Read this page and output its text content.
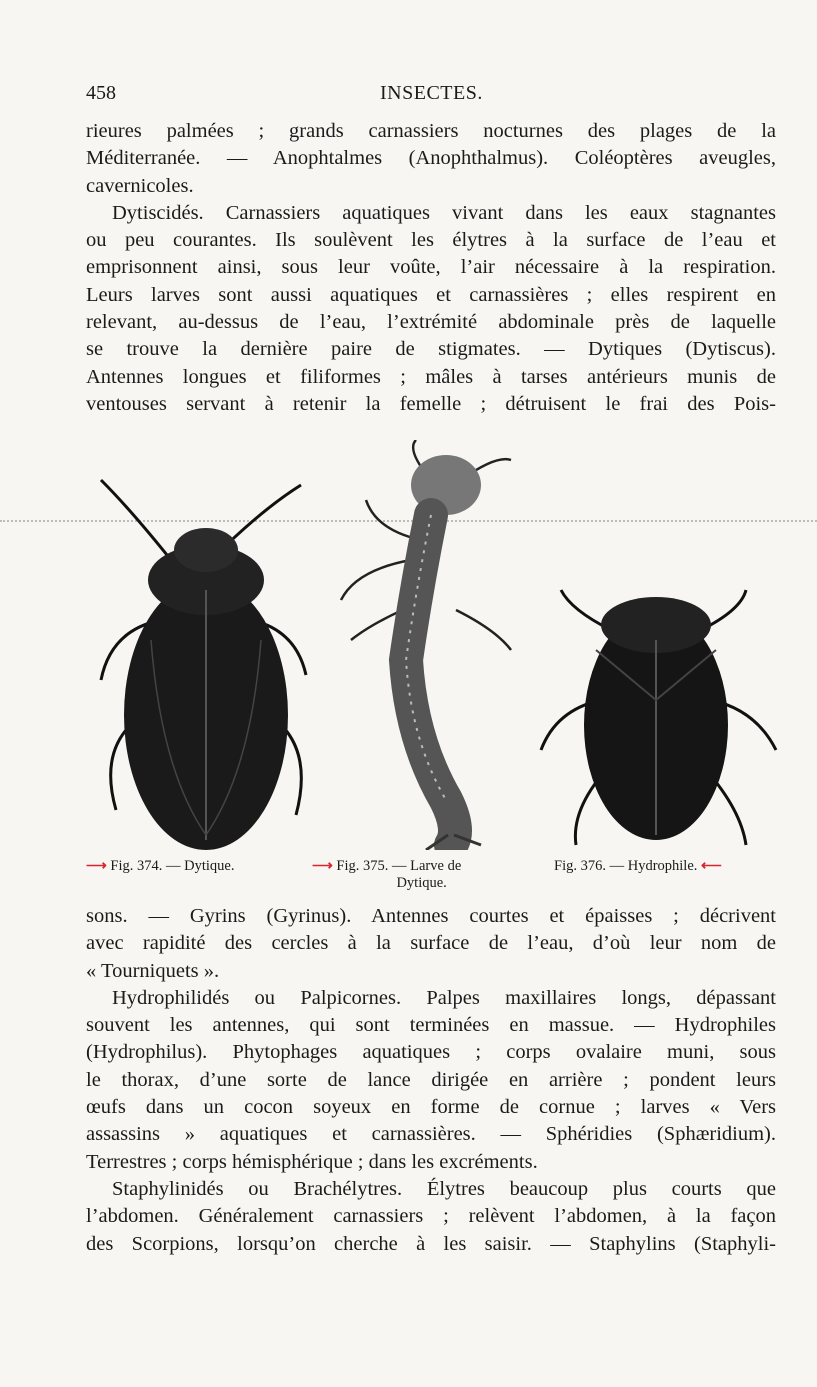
458	INSECTES.
rieures palmées ; grands carnassiers nocturnes des plages de la
Méditerranée. — Anophtalmes (Anophthalmus). Coléoptères aveugles,
cavernicoles.
Dytiscidés. Carnassiers aquatiques vivant dans les eaux stagnantes
ou peu courantes. Ils soulèvent les élytres à la surface de l’eau et
emprisonnent ainsi, sous leur voûte, l’air nécessaire à la respiration.
Leurs larves sont aussi aquatiques et carnassières ; elles respirent en
relevant, au-dessus de l’eau, l’extrémité abdominale près de laquelle
se trouve la dernière paire de stigmates. — Dytiques (Dytiscus).
Antennes longues et filiformes ; mâles à tarses antérieurs munis de
ventouses servant à retenir la femelle ; détruisent le frai des Pois-
⟶ Fig. 374. — Dytique.	⟶ Fig. 375. — Larve de
Dytique.
Fig. 376. — Hydrophile. ⟵
sons. — Gyrins (Gyrinus). Antennes courtes et épaisses ; décrivent
avec rapidité des cercles à la surface de l’eau, d’où leur nom de
« Tourniquets ».
Hydrophilidés ou Palpicornes. Palpes maxillaires longs, dépassant
souvent les antennes, qui sont terminées en massue. — Hydrophiles
(Hydrophilus). Phytophages aquatiques ; corps ovalaire muni, sous
le thorax, d’une sorte de lance dirigée en arrière ; pondent leurs
œufs dans un cocon soyeux en forme de cornue ; larves « Vers
assassins » aquatiques et carnassières. — Sphéridies (Sphæridium).
Terrestres ; corps hémisphérique ; dans les excréments.
Staphylinidés ou Brachélytres. Élytres beaucoup plus courts que
l’abdomen. Généralement carnassiers ; relèvent l’abdomen, à la façon
des Scorpions, lorsqu’on cherche à les saisir. — Staphylins (Staphyli-
